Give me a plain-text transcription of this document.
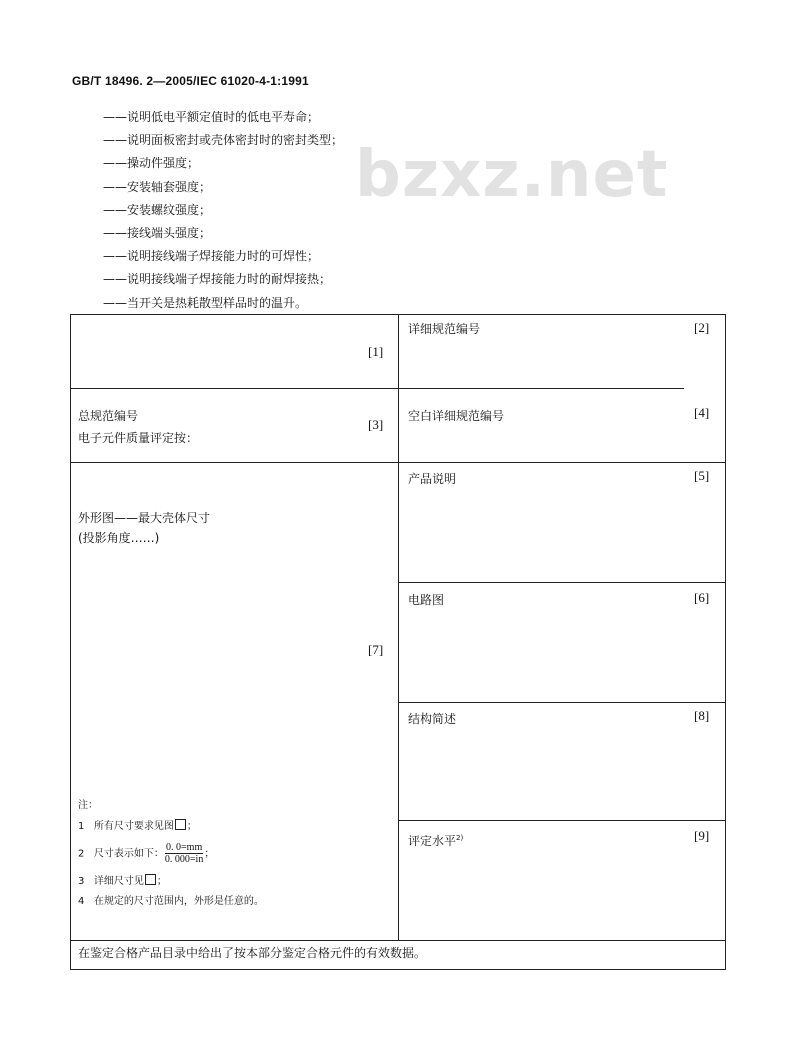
GB/T 18496. 2—2005/IEC 61020-4-1:1991
bzxz.net
——说明低电平额定值时的低电平寿命；
——说明面板密封或壳体密封时的密封类型；
——操动件强度；
——安装轴套强度；
——安装螺纹强度；
——接线端头强度；
——说明接线端子焊接能力时的可焊性；
——说明接线端子焊接能力时的耐焊接热；
——当开关是热耗散型样品时的温升。
[1]
详细规范编号	[2]
总规范编号
电子元件质量评定按：
[3]
空白详细规范编号	[4]
产品说明	[5]
外形图——最大壳体尺寸
(投影角度……)
[7]
注：
1 所有尺寸要求见图 ；
2 尺寸表示如下： $\frac{0. 0=mm}{0. 000=in}$ ；
3 详细尺寸见 ；
4 在规定的尺寸范围内，外形是任意的。
电路图	[6]
结构简述	[8]
评定水平$^{2)}$	[9]
在鉴定合格产品目录中给出了按本部分鉴定合格元件的有效数据。
